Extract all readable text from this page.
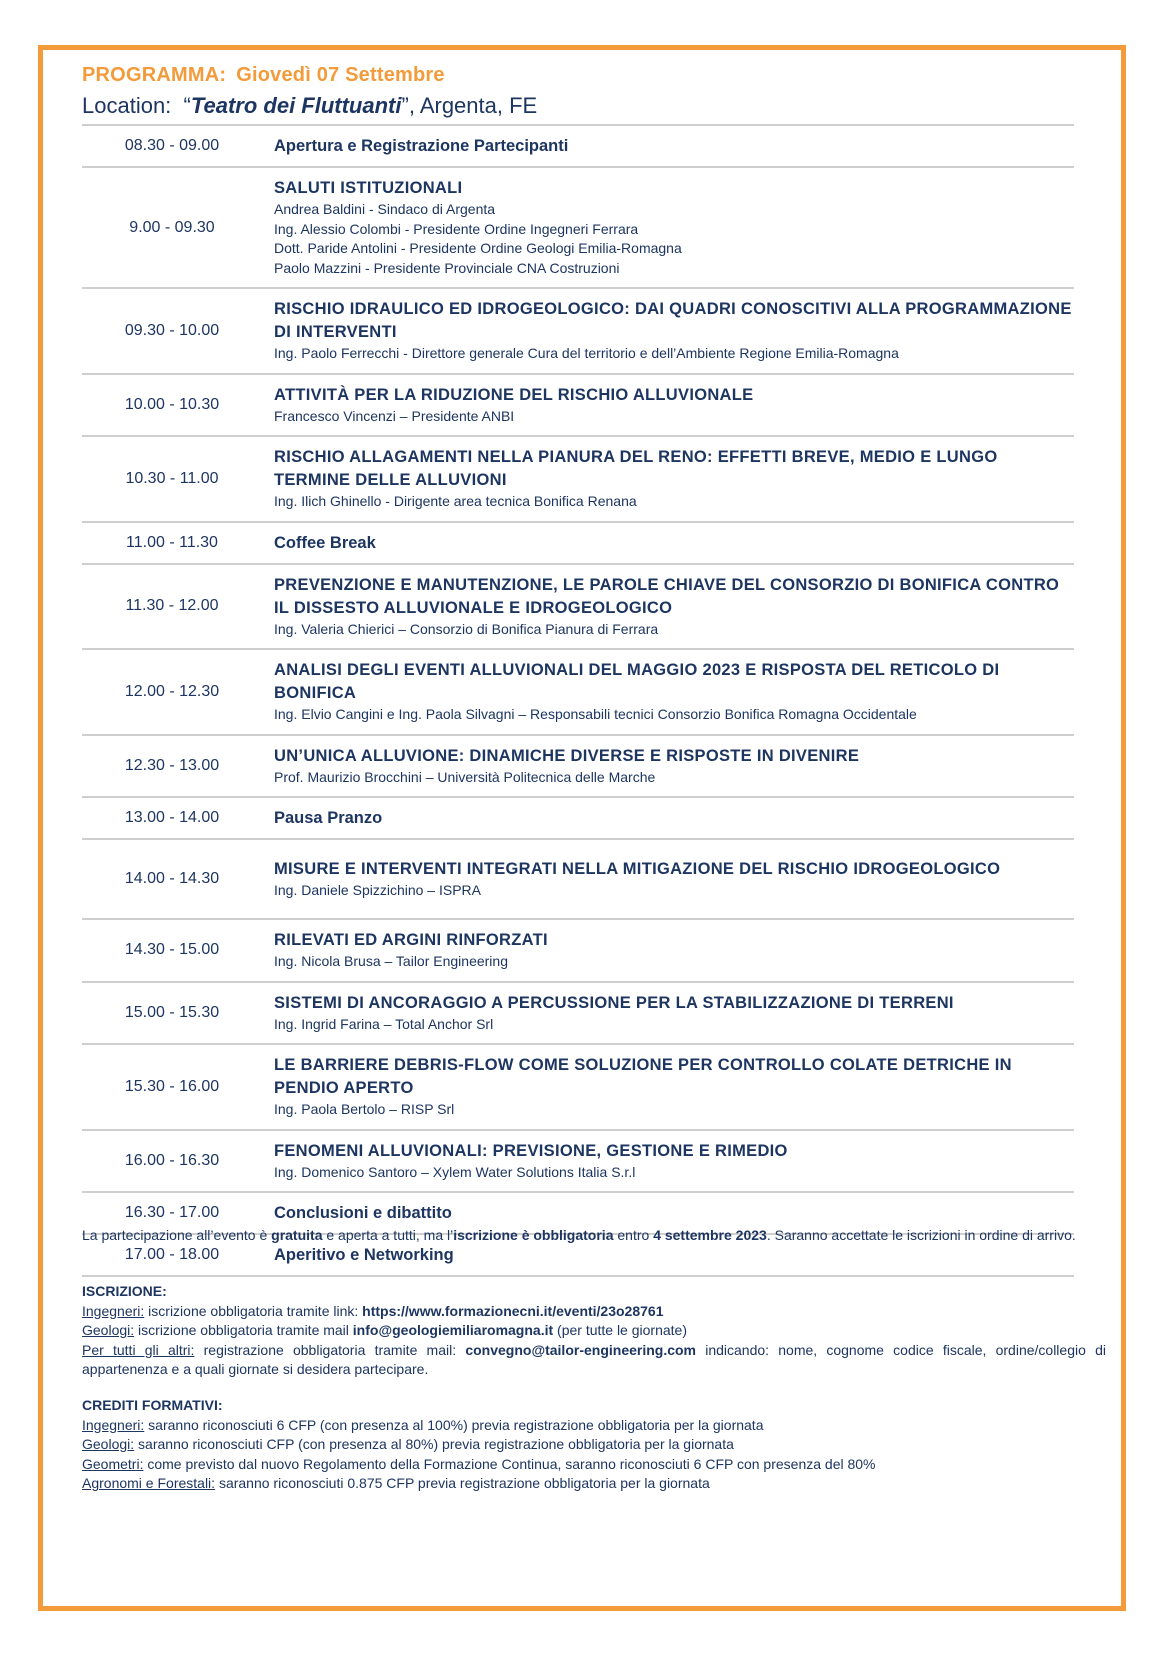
PROGRAMMA: Giovedì 07 Settembre
Location: “Teatro dei Fluttuanti”, Argenta, FE
08.30 - 09.00	Apertura e Registrazione Partecipanti

9.00 - 09.30	SALUTI ISTITUZIONALI
Andrea Baldini - Sindaco di Argenta
Ing. Alessio Colombi - Presidente Ordine Ingegneri Ferrara
Dott. Paride Antolini - Presidente Ordine Geologi Emilia-Romagna
Paolo Mazzini - Presidente Provinciale CNA Costruzioni

09.30 - 10.00	RISCHIO IDRAULICO ED IDROGEOLOGICO: DAI QUADRI CONOSCITIVI ALLA PROGRAMMAZIONE DI INTERVENTI
Ing. Paolo Ferrecchi - Direttore generale Cura del territorio e dell’Ambiente Regione Emilia-Romagna

10.00 - 10.30	ATTIVITÀ PER LA RIDUZIONE DEL RISCHIO ALLUVIONALE
Francesco Vincenzi – Presidente ANBI

10.30 - 11.00	RISCHIO ALLAGAMENTI NELLA PIANURA DEL RENO: EFFETTI BREVE, MEDIO E LUNGO TERMINE DELLE ALLUVIONI
Ing. Ilich Ghinello - Dirigente area tecnica Bonifica Renana

11.00 - 11.30	Coffee Break

11.30 - 12.00	PREVENZIONE E MANUTENZIONE, LE PAROLE CHIAVE DEL CONSORZIO DI BONIFICA CONTRO IL DISSESTO ALLUVIONALE E IDROGEOLOGICO
Ing. Valeria Chierici – Consorzio di Bonifica Pianura di Ferrara

12.00 - 12.30	ANALISI DEGLI EVENTI ALLUVIONALI DEL MAGGIO 2023 E RISPOSTA DEL RETICOLO DI BONIFICA
Ing. Elvio Cangini e Ing. Paola Silvagni – Responsabili tecnici Consorzio Bonifica Romagna Occidentale

12.30 - 13.00	UN’UNICA ALLUVIONE: DINAMICHE DIVERSE E RISPOSTE IN DIVENIRE
Prof. Maurizio Brocchini – Università Politecnica delle Marche

13.00 - 14.00	Pausa Pranzo

14.00 - 14.30	MISURE E INTERVENTI INTEGRATI NELLA MITIGAZIONE DEL RISCHIO IDROGEOLOGICO
Ing. Daniele Spizzichino – ISPRA

14.30 - 15.00	RILEVATI ED ARGINI RINFORZATI
Ing. Nicola Brusa – Tailor Engineering

15.00 - 15.30	SISTEMI DI ANCORAGGIO A PERCUSSIONE PER LA STABILIZZAZIONE DI TERRENI
Ing. Ingrid Farina – Total Anchor Srl

15.30 - 16.00	LE BARRIERE DEBRIS-FLOW COME SOLUZIONE PER CONTROLLO COLATE DETRICHE IN PENDIO APERTO
Ing. Paola Bertolo – RISP Srl

16.00 - 16.30	FENOMENI ALLUVIONALI: PREVISIONE, GESTIONE E RIMEDIO
Ing. Domenico Santoro – Xylem Water Solutions Italia S.r.l

16.30 - 17.00	Conclusioni e dibattito

17.00 - 18.00	Aperitivo e Networking
La partecipazione all’evento è gratuita e aperta a tutti, ma l’iscrizione è obbligatoria entro 4 settembre 2023. Saranno accettate le iscrizioni in ordine di arrivo.

ISCRIZIONE:

Ingegneri: iscrizione obbligatoria tramite link: https://www.formazionecni.it/eventi/23o28761

Geologi: iscrizione obbligatoria tramite mail info@geologiemiliaromagna.it (per tutte le giornate)

Per tutti gli altri: registrazione obbligatoria tramite mail: convegno@tailor-engineering.com indicando: nome, cognome codice fiscale, ordine/collegio di appartenenza e a quali giornate si desidera partecipare.

CREDITI FORMATIVI:

Ingegneri: saranno riconosciuti 6 CFP (con presenza al 100%) previa registrazione obbligatoria per la giornata

Geologi: saranno riconosciuti CFP (con presenza al 80%) previa registrazione obbligatoria per la giornata

Geometri: come previsto dal nuovo Regolamento della Formazione Continua, saranno riconosciuti 6 CFP con presenza del 80%

Agronomi e Forestali: saranno riconosciuti 0.875 CFP previa registrazione obbligatoria per la giornata
